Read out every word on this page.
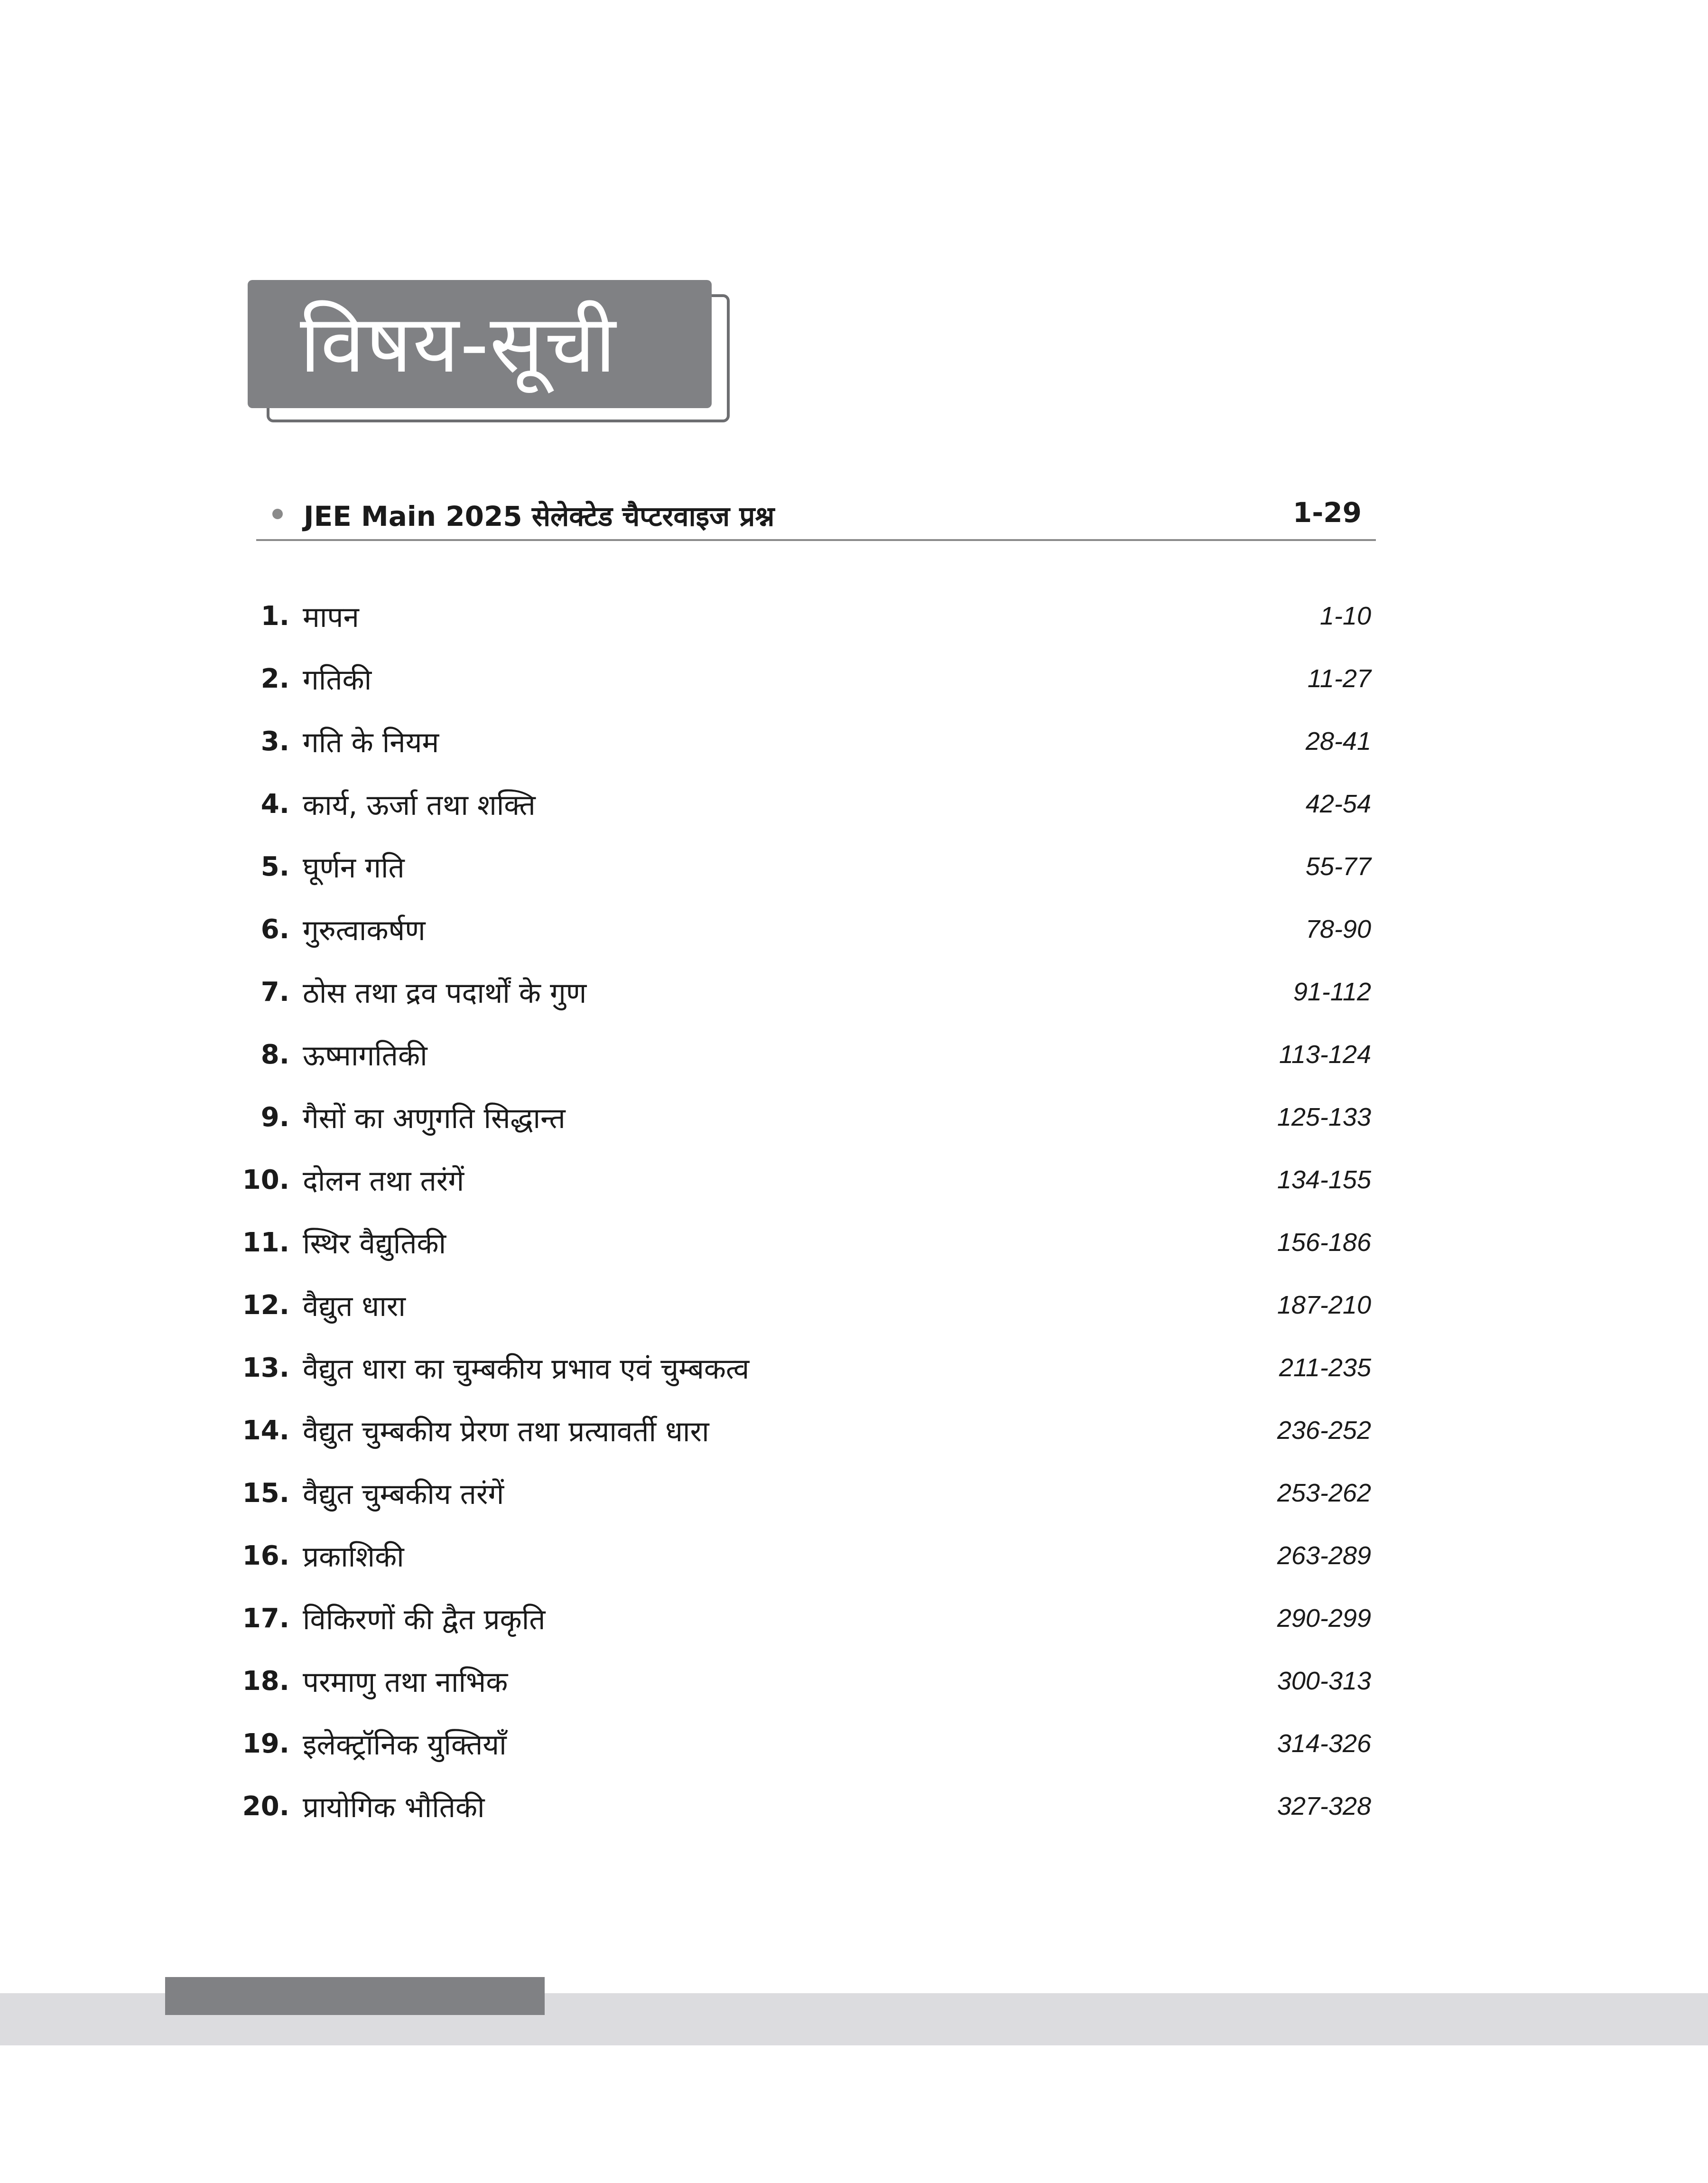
विषय-सूची
JEE Main 2025 सेलेक्टेड चैप्टरवाइज प्रश्न	1-29
1. मापन	1-10
2. गतिकी	11-27
3. गति के नियम	28-41
4. कार्य, ऊर्जा तथा शक्ति	42-54
5. घूर्णन गति	55-77
6. गुरुत्वाकर्षण	78-90
7. ठोस तथा द्रव पदार्थों के गुण	91-112
8. ऊष्मागतिकी	113-124
9. गैसों का अणुगति सिद्धान्त	125-133
10. दोलन तथा तरंगें	134-155
11. स्थिर वैद्युतिकी	156-186
12. वैद्युत धारा	187-210
13. वैद्युत धारा का चुम्बकीय प्रभाव एवं चुम्बकत्व	211-235
14. वैद्युत चुम्बकीय प्रेरण तथा प्रत्यावर्ती धारा	236-252
15. वैद्युत चुम्बकीय तरंगें	253-262
16. प्रकाशिकी	263-289
17. विकिरणों की द्वैत प्रकृति	290-299
18. परमाणु तथा नाभिक	300-313
19. इलेक्ट्रॉनिक युक्तियाँ	314-326
20. प्रायोगिक भौतिकी	327-328
